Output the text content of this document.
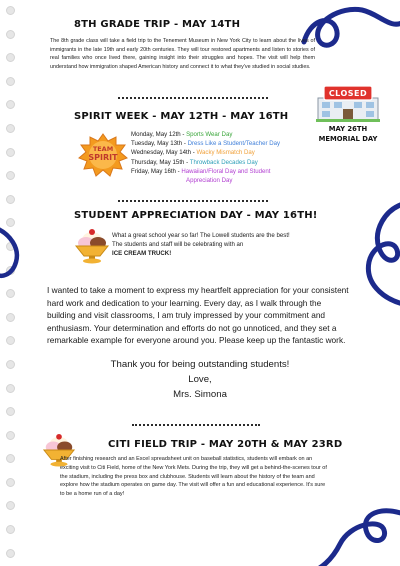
8TH GRADE TRIP - MAY 14TH
The 8th grade class will take a field trip to the Tenement Museum in New York City to learn about the lives of immigrants in the late 19th and early 20th centuries. They will tour restored apartments and listen to stories of real families who once lived there, gaining insight into their struggles and hopes. The visit will help them understand how immigration shaped American history and connect it to what they've studied in social studies.
CLOSED
MAY 26TH
MEMORIAL DAY
SPIRIT WEEK - MAY 12TH - MAY 16TH
TEAM
SPIRIT
Monday, May 12th - Sports Wear Day
Tuesday, May 13th - Dress Like a Student/Teacher Day
Wednesday, May 14th - Wacky Mismatch Day
Thursday, May 15th - Throwback Decades Day
Friday, May 16th - Hawaiian/Floral Day and Student
Appreciation Day
STUDENT APPRECIATION DAY - MAY 16TH!
What a great school year so far! The Lowell students are the best!
The students and staff will be celebrating with an
ICE CREAM TRUCK!
I wanted to take a moment to express my heartfelt appreciation for your consistent hard work and dedication to your learning. Every day, as I walk through the building and visit classrooms, I am truly impressed by your commitment and enthusiasm. Your determination and efforts do not go unnoticed, and they set a remarkable example for everyone around you. Please keep up the fantastic work.
Thank you for being outstanding students!
Love,
Mrs. Simona
CITI FIELD TRIP - MAY 20TH & MAY 23RD
After finishing research and an Excel spreadsheet unit on baseball statistics, students will embark on an exciting visit to Citi Field, home of the New York Mets. During the trip, they will get a behind-the-scenes tour of the stadium, including the press box and clubhouse. Students will learn about the history of the team and explore how the stadium operates on game day. The visit will offer a fun and educational experience. It's sure to be a home run of a day!
